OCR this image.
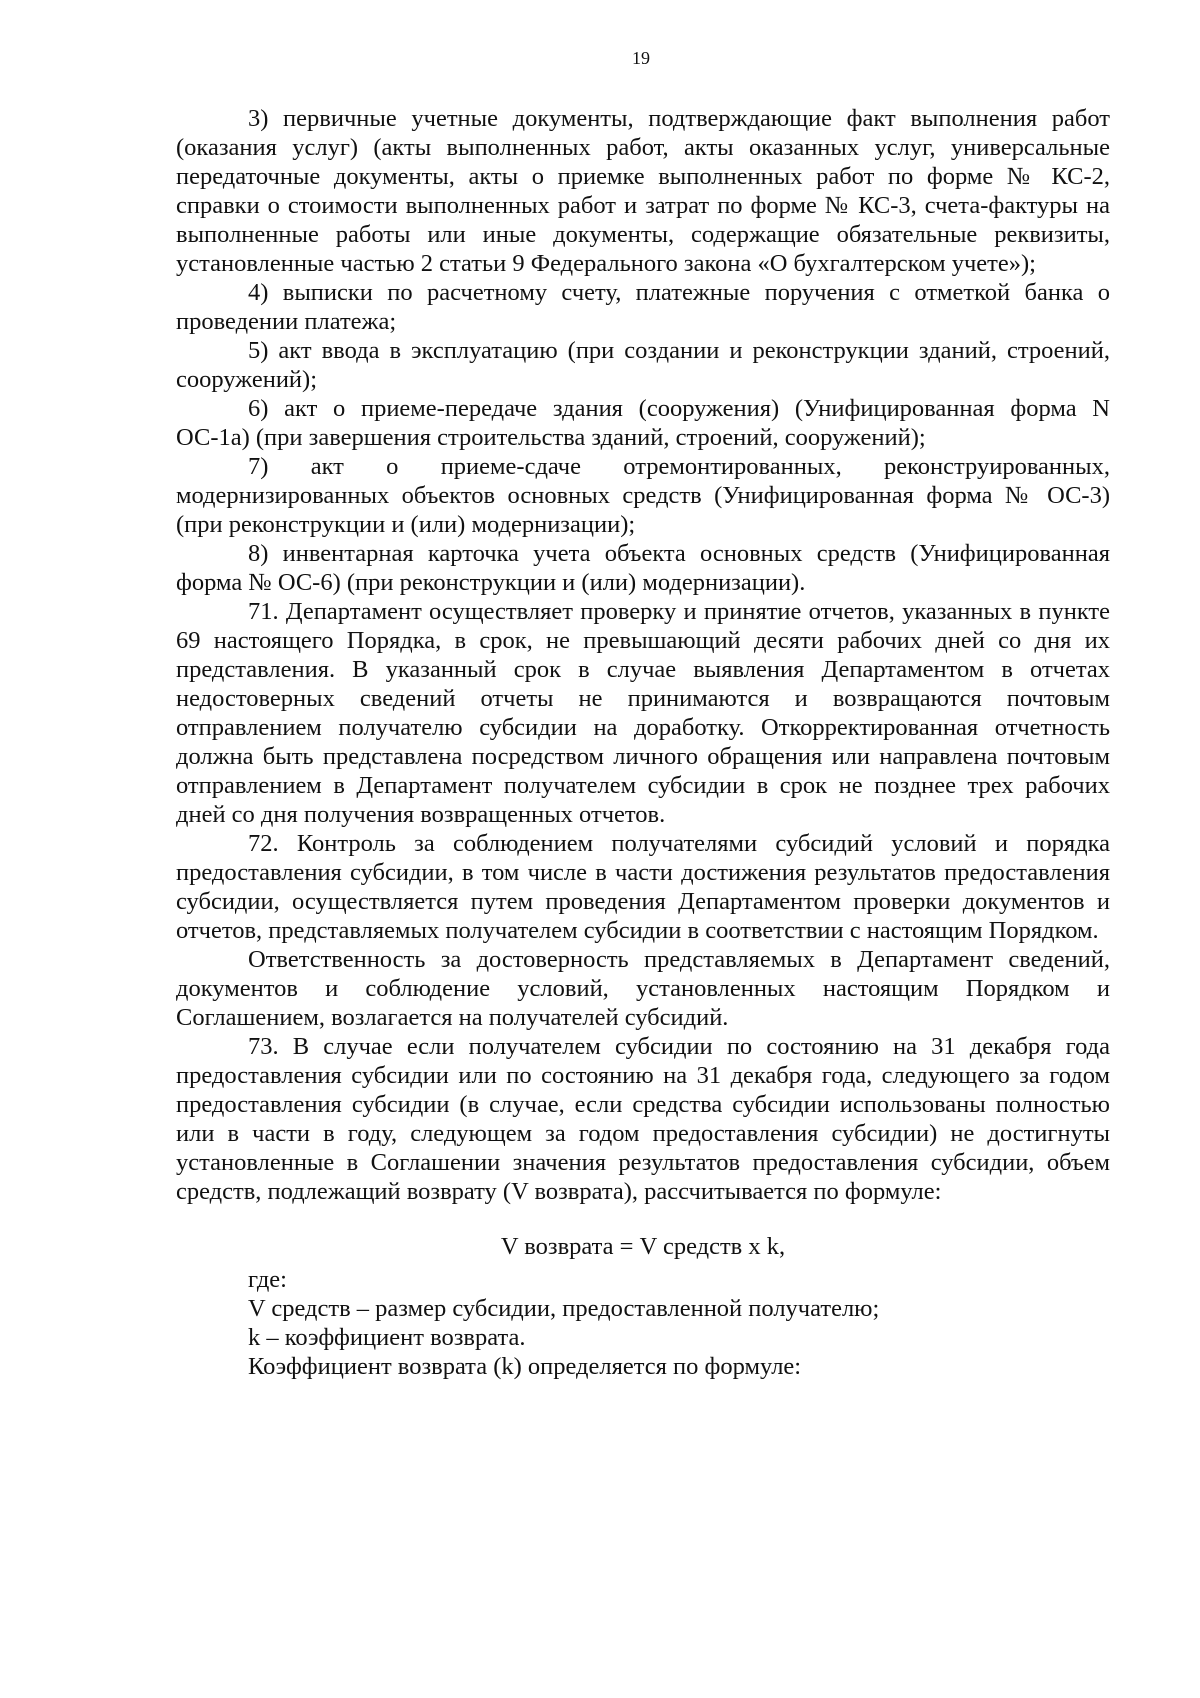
19

3) первичные учетные документы, подтверждающие факт выполнения работ (оказания услуг) (акты выполненных работ, акты оказанных услуг, универсальные передаточные документы, акты о приемке выполненных работ по форме № КС-2, справки о стоимости выполненных работ и затрат по форме № КС-3, счета-фактуры на выполненные работы или иные документы, содержащие обязательные реквизиты, установленные частью 2 статьи 9 Федерального закона «О бухгалтерском учете»);

4) выписки по расчетному счету, платежные поручения с отметкой банка о проведении платежа;

5) акт ввода в эксплуатацию (при создании и реконструкции зданий, строений, сооружений);

6) акт о приеме-передаче здания (сооружения) (Унифицированная форма N ОС-1а) (при завершения строительства зданий, строений, сооружений);

7) акт о приеме-сдаче отремонтированных, реконструированных, модернизированных объектов основных средств (Унифицированная форма № ОС-3) (при реконструкции и (или) модернизации);

8) инвентарная карточка учета объекта основных средств (Унифицированная форма № ОС-6) (при реконструкции и (или) модернизации).

71. Департамент осуществляет проверку и принятие отчетов, указанных в пункте 69 настоящего Порядка, в срок, не превышающий десяти рабочих дней со дня их представления. В указанный срок в случае выявления Департаментом в отчетах недостоверных сведений отчеты не принимаются и возвращаются почтовым отправлением получателю субсидии на доработку. Откорректированная отчетность должна быть представлена посредством личного обращения или направлена почтовым отправлением в Департамент получателем субсидии в срок не позднее трех рабочих дней со дня получения возвращенных отчетов.

72. Контроль за соблюдением получателями субсидий условий и порядка предоставления субсидии, в том числе в части достижения результатов предоставления субсидии, осуществляется путем проведения Департаментом проверки документов и отчетов, представляемых получателем субсидии в соответствии с настоящим Порядком.

Ответственность за достоверность представляемых в Департамент сведений, документов и соблюдение условий, установленных настоящим Порядком и Соглашением, возлагается на получателей субсидий.

73. В случае если получателем субсидии по состоянию на 31 декабря года предоставления субсидии или по состоянию на 31 декабря года, следующего за годом предоставления субсидии (в случае, если средства субсидии использованы полностью или в части в году, следующем за годом предоставления субсидии) не достигнуты установленные в Соглашении значения результатов предоставления субсидии, объем средств, подлежащий возврату (V возврата), рассчитывается по формуле:

V возврата = V средств x k,

где:

V средств – размер субсидии, предоставленной получателю;

k – коэффициент возврата.

Коэффициент возврата (k) определяется по формуле:
